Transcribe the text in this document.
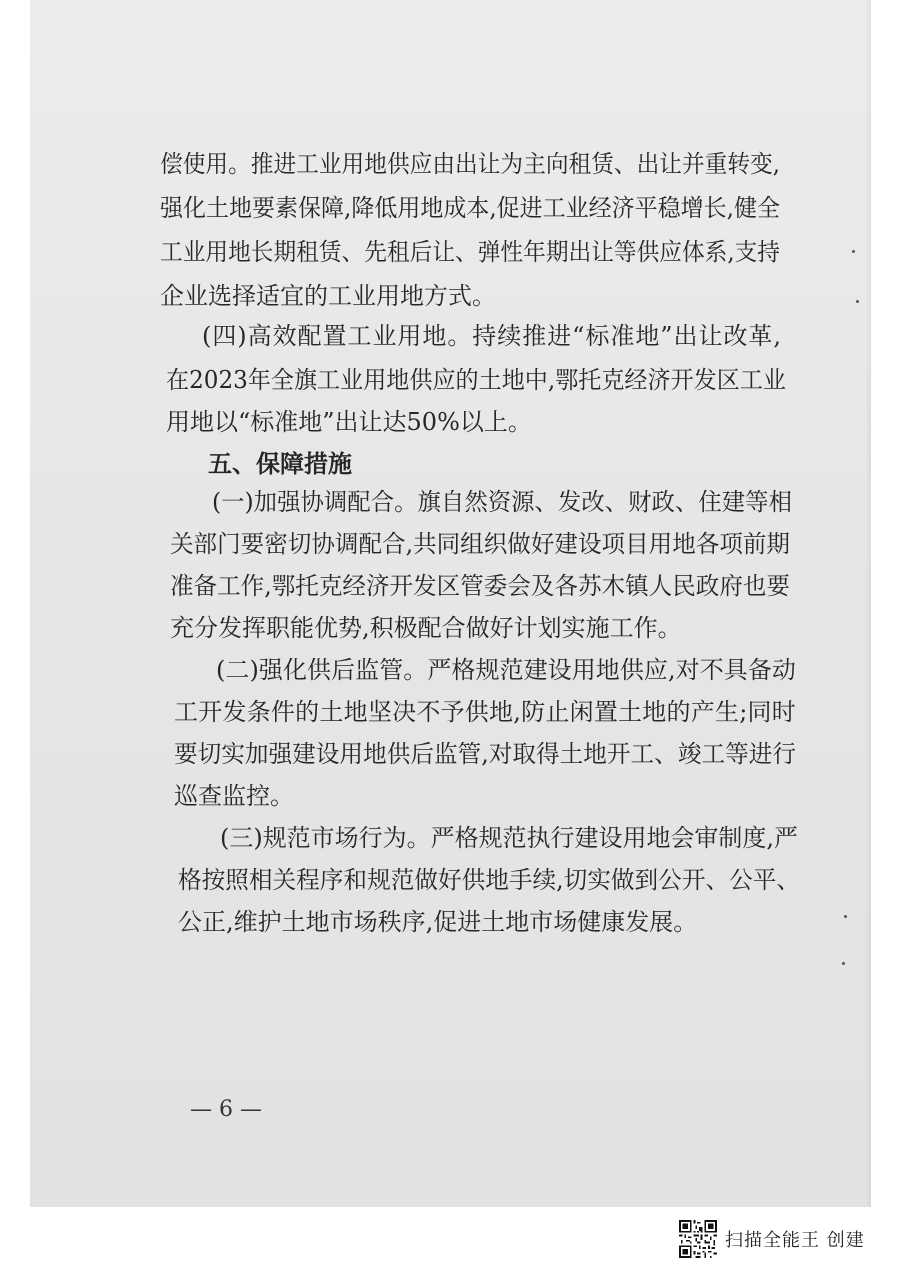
偿使用。推进工业用地供应由出让为主向租赁、出让并重转变,

强化土地要素保障,降低用地成本,促进工业经济平稳增长,健全

工业用地长期租赁、先租后让、弹性年期出让等供应体系,支持

企业选择适宜的工业用地方式。

(四)高效配置工业用地。持续推进“标准地”出让改革,

在2023年全旗工业用地供应的土地中,鄂托克经济开发区工业

用地以“标准地”出让达50%以上。

五、保障措施

(一)加强协调配合。旗自然资源、发改、财政、住建等相

关部门要密切协调配合,共同组织做好建设项目用地各项前期

准备工作,鄂托克经济开发区管委会及各苏木镇人民政府也要

充分发挥职能优势,积极配合做好计划实施工作。

(二)强化供后监管。严格规范建设用地供应,对不具备动

工开发条件的土地坚决不予供地,防止闲置土地的产生;同时

要切实加强建设用地供后监管,对取得土地开工、竣工等进行

巡查监控。

(三)规范市场行为。严格规范执行建设用地会审制度,严

格按照相关程序和规范做好供地手续,切实做到公开、公平、

公正,维护土地市场秩序,促进土地市场健康发展。

— 6 —
扫描全能王 创建
